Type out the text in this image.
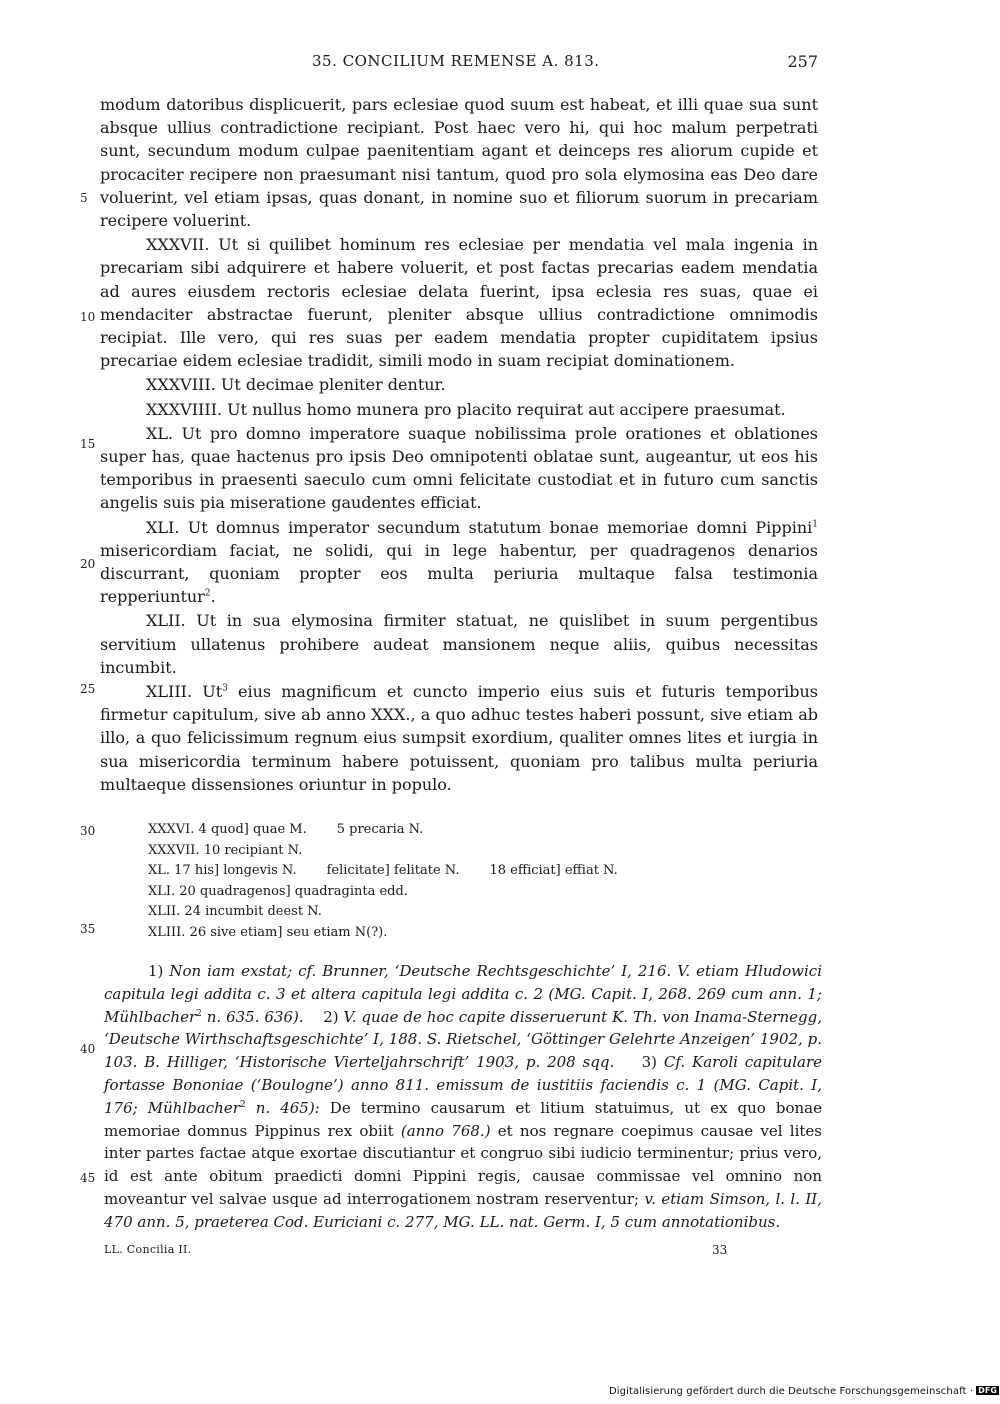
35. CONCILIUM REMENSE A. 813.	257

modum datoribus displicuerit, pars eclesiae quod suum est habeat, et illi quae sua sunt absque ullius contradictione recipiant. Post haec vero hi, qui hoc malum perpetrati sunt, secundum modum culpae paenitentiam agant et deinceps res aliorum cupide et procaciter recipere non praesumant nisi tantum, quod pro sola elymosina eas Deo dare voluerint, vel etiam ipsas, quas donant, in nomine suo et filiorum suorum in precariam recipere voluerint.

XXXVII. Ut si quilibet hominum res eclesiae per mendatia vel mala ingenia in precariam sibi adquirere et habere voluerit, et post factas precarias eadem mendatia ad aures eiusdem rectoris eclesiae delata fuerint, ipsa eclesia res suas, quae ei mendaciter abstractae fuerunt, pleniter absque ullius contradictione omnimodis recipiat. Ille vero, qui res suas per eadem mendatia propter cupiditatem ipsius precariae eidem eclesiae tradidit, simili modo in suam recipiat dominationem.

XXXVIII. Ut decimae pleniter dentur.

XXXVIIII. Ut nullus homo munera pro placito requirat aut accipere praesumat.

XL. Ut pro domno imperatore suaque nobilissima prole orationes et oblationes super has, quae hactenus pro ipsis Deo omnipotenti oblatae sunt, augeantur, ut eos his temporibus in praesenti saeculo cum omni felicitate custodiat et in futuro cum sanctis angelis suis pia miseratione gaudentes efficiat.

XLI. Ut domnus imperator secundum statutum bonae memoriae domni Pippini$^1$ misericordiam faciat, ne solidi, qui in lege habentur, per quadragenos denarios discurrant, quoniam propter eos multa periuria multaque falsa testimonia repperiuntur$^2$.

XLII. Ut in sua elymosina firmiter statuat, ne quislibet in suum pergentibus servitium ullatenus prohibere audeat mansionem neque aliis, quibus necessitas incumbit.

XLIII. Ut$^3$ eius magnificum et cuncto imperio eius suis et futuris temporibus firmetur capitulum, sive ab anno XXX., a quo adhuc testes haberi possunt, sive etiam ab illo, a quo felicissimum regnum eius sumpsit exordium, qualiter omnes lites et iurgia in sua misericordia terminum habere potuissent, quoniam pro talibus multa periuria multaeque dissensiones oriuntur in populo.

5
10
15
20
25
30
35
40
45
XXXVI. 4 quod] quae M. 5 precaria N.
XXXVII. 10 recipiant N.
XL. 17 his] longevis N. felicitate] felitate N. 18 efficiat] effiat N.
XLI. 20 quadragenos] quadraginta edd.
XLII. 24 incumbit deest N.
XLIII. 26 sive etiam] seu etiam N(?).

1) Non iam exstat; cf. Brunner, ‘Deutsche Rechtsgeschichte’ I, 216. V. etiam Hludowici capitula legi addita c. 3 et altera capitula legi addita c. 2 (MG. Capit. I, 268. 269 cum ann. 1; Mühlbacher$^2$ n. 635. 636). 2) V. quae de hoc capite disseruerunt K. Th. von Inama-Sternegg, ‘Deutsche Wirthschaftsgeschichte’ I, 188. S. Rietschel, ‘Göttinger Gelehrte Anzeigen’ 1902, p. 103. B. Hilliger, ‘Historische Vierteljahrschrift’ 1903, p. 208 sqq. 3) Cf. Karoli capitulare fortasse Bononiae (‘Boulogne’) anno 811. emissum de iustitiis faciendis c. 1 (MG. Capit. I, 176; Mühlbacher$^2$ n. 465): De termino causarum et litium statuimus, ut ex quo bonae memoriae domnus Pippinus rex obiit (anno 768.) et nos regnare coepimus causae vel lites inter partes factae atque exortae discutiantur et congruo sibi iudicio terminentur; prius vero, id est ante obitum praedicti domni Pippini regis, causae commissae vel omnino non moveantur vel salvae usque ad interrogationem nostram reserventur; v. etiam Simson, l. l. II, 470 ann. 5, praeterea Cod. Euriciani c. 277, MG. LL. nat. Germ. I, 5 cum annotationibus.

LL. Concilia II.	33
Digitalisierung gefördert durch die Deutsche Forschungsgemeinschaft · DFG
